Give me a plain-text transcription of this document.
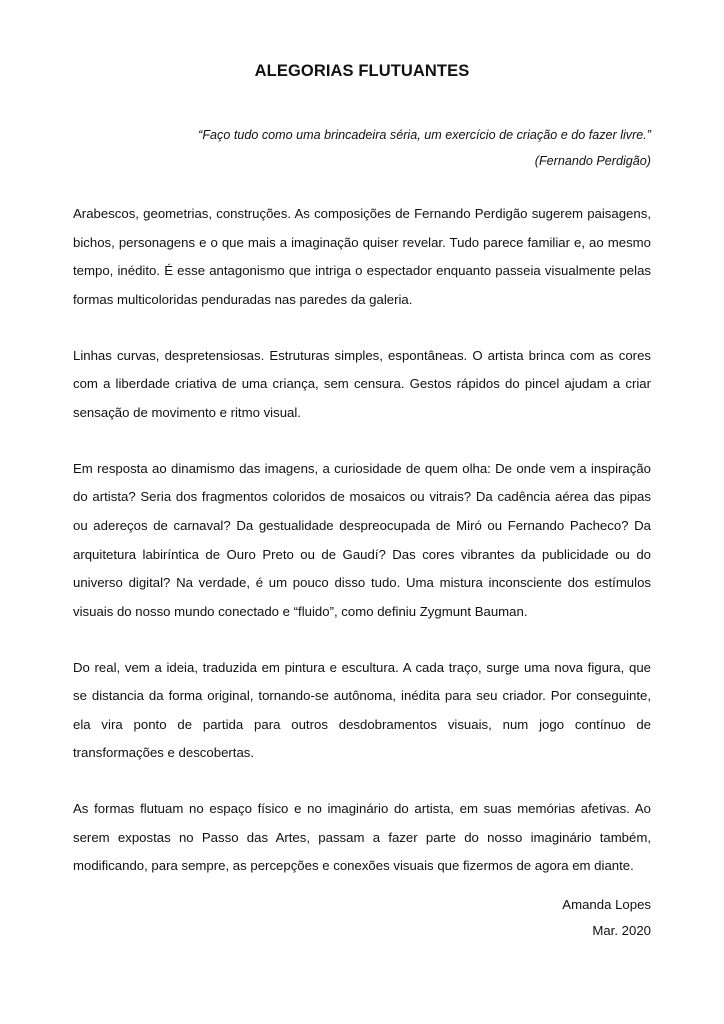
ALEGORIAS FLUTUANTES
“Faço tudo como uma brincadeira séria, um exercício de criação e do fazer livre.”
(Fernando Perdigão)

Arabescos, geometrias, construções. As composições de Fernando Perdigão sugerem paisagens, bichos, personagens e o que mais a imaginação quiser revelar. Tudo parece familiar e, ao mesmo tempo, inédito. É esse antagonismo que intriga o espectador enquanto passeia visualmente pelas formas multicoloridas penduradas nas paredes da galeria.

Linhas curvas, despretensiosas. Estruturas simples, espontâneas. O artista brinca com as cores com a liberdade criativa de uma criança, sem censura. Gestos rápidos do pincel ajudam a criar sensação de movimento e ritmo visual.

Em resposta ao dinamismo das imagens, a curiosidade de quem olha: De onde vem a inspiração do artista? Seria dos fragmentos coloridos de mosaicos ou vitrais? Da cadência aérea das pipas ou adereços de carnaval? Da gestualidade despreocupada de Miró ou Fernando Pacheco? Da arquitetura labiríntica de Ouro Preto ou de Gaudí? Das cores vibrantes da publicidade ou do universo digital? Na verdade, é um pouco disso tudo. Uma mistura inconsciente dos estímulos visuais do nosso mundo conectado e “fluido”, como definiu Zygmunt Bauman.

Do real, vem a ideia, traduzida em pintura e escultura. A cada traço, surge uma nova figura, que se distancia da forma original, tornando-se autônoma, inédita para seu criador. Por conseguinte, ela vira ponto de partida para outros desdobramentos visuais, num jogo contínuo de transformações e descobertas.

As formas flutuam no espaço físico e no imaginário do artista, em suas memórias afetivas. Ao serem expostas no Passo das Artes, passam a fazer parte do nosso imaginário também, modificando, para sempre, as percepções e conexões visuais que fizermos de agora em diante.

Amanda Lopes
Mar. 2020
